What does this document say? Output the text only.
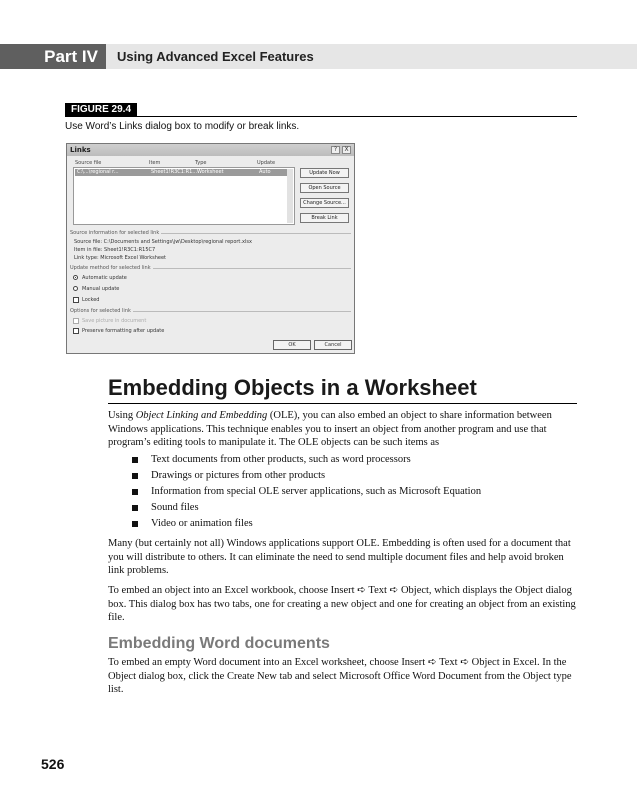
Part IV	Using Advanced Excel Features
FIGURE 29.4
Use Word’s Links dialog box to modify or break links.
Links	?	X
Source file	Item	Type	Update
C:\...\regional r...	Sheet1!R3C1:R1... Worksheet	Auto	Update Now
Open Source
Change Source...
Break Link
Source information for selected link
Source file: C:\Documents and Settings\jw\Desktop\regional report.xlsx
Item in file: Sheet1!R3C1:R15C7
Link type: Microsoft Excel Worksheet
Update method for selected link
Automatic update
Manual update
Locked
Options for selected link
Save picture in document
Preserve formatting after update
OK	Cancel
Embedding Objects in a Worksheet

Using Object Linking and Embedding (OLE), you can also embed an object to share information between Windows applications. This technique enables you to insert an object from another program and use that program’s editing tools to manipulate it. The OLE objects can be such items as

Text documents from other products, such as word processors
Drawings or pictures from other products
Information from special OLE server applications, such as Microsoft Equation
Sound files
Video or animation files

Many (but certainly not all) Windows applications support OLE. Embedding is often used for a document that you will distribute to others. It can eliminate the need to send multiple document files and help avoid broken link problems.

To embed an object into an Excel workbook, choose Insert ➪ Text ➪ Object, which displays the Object dialog box. This dialog box has two tabs, one for creating a new object and one for creating an object from an existing file.

Embedding Word documents

To embed an empty Word document into an Excel worksheet, choose Insert ➪ Text ➪ Object in Excel. In the Object dialog box, click the Create New tab and select Microsoft Office Word Document from the Object type list.

526
